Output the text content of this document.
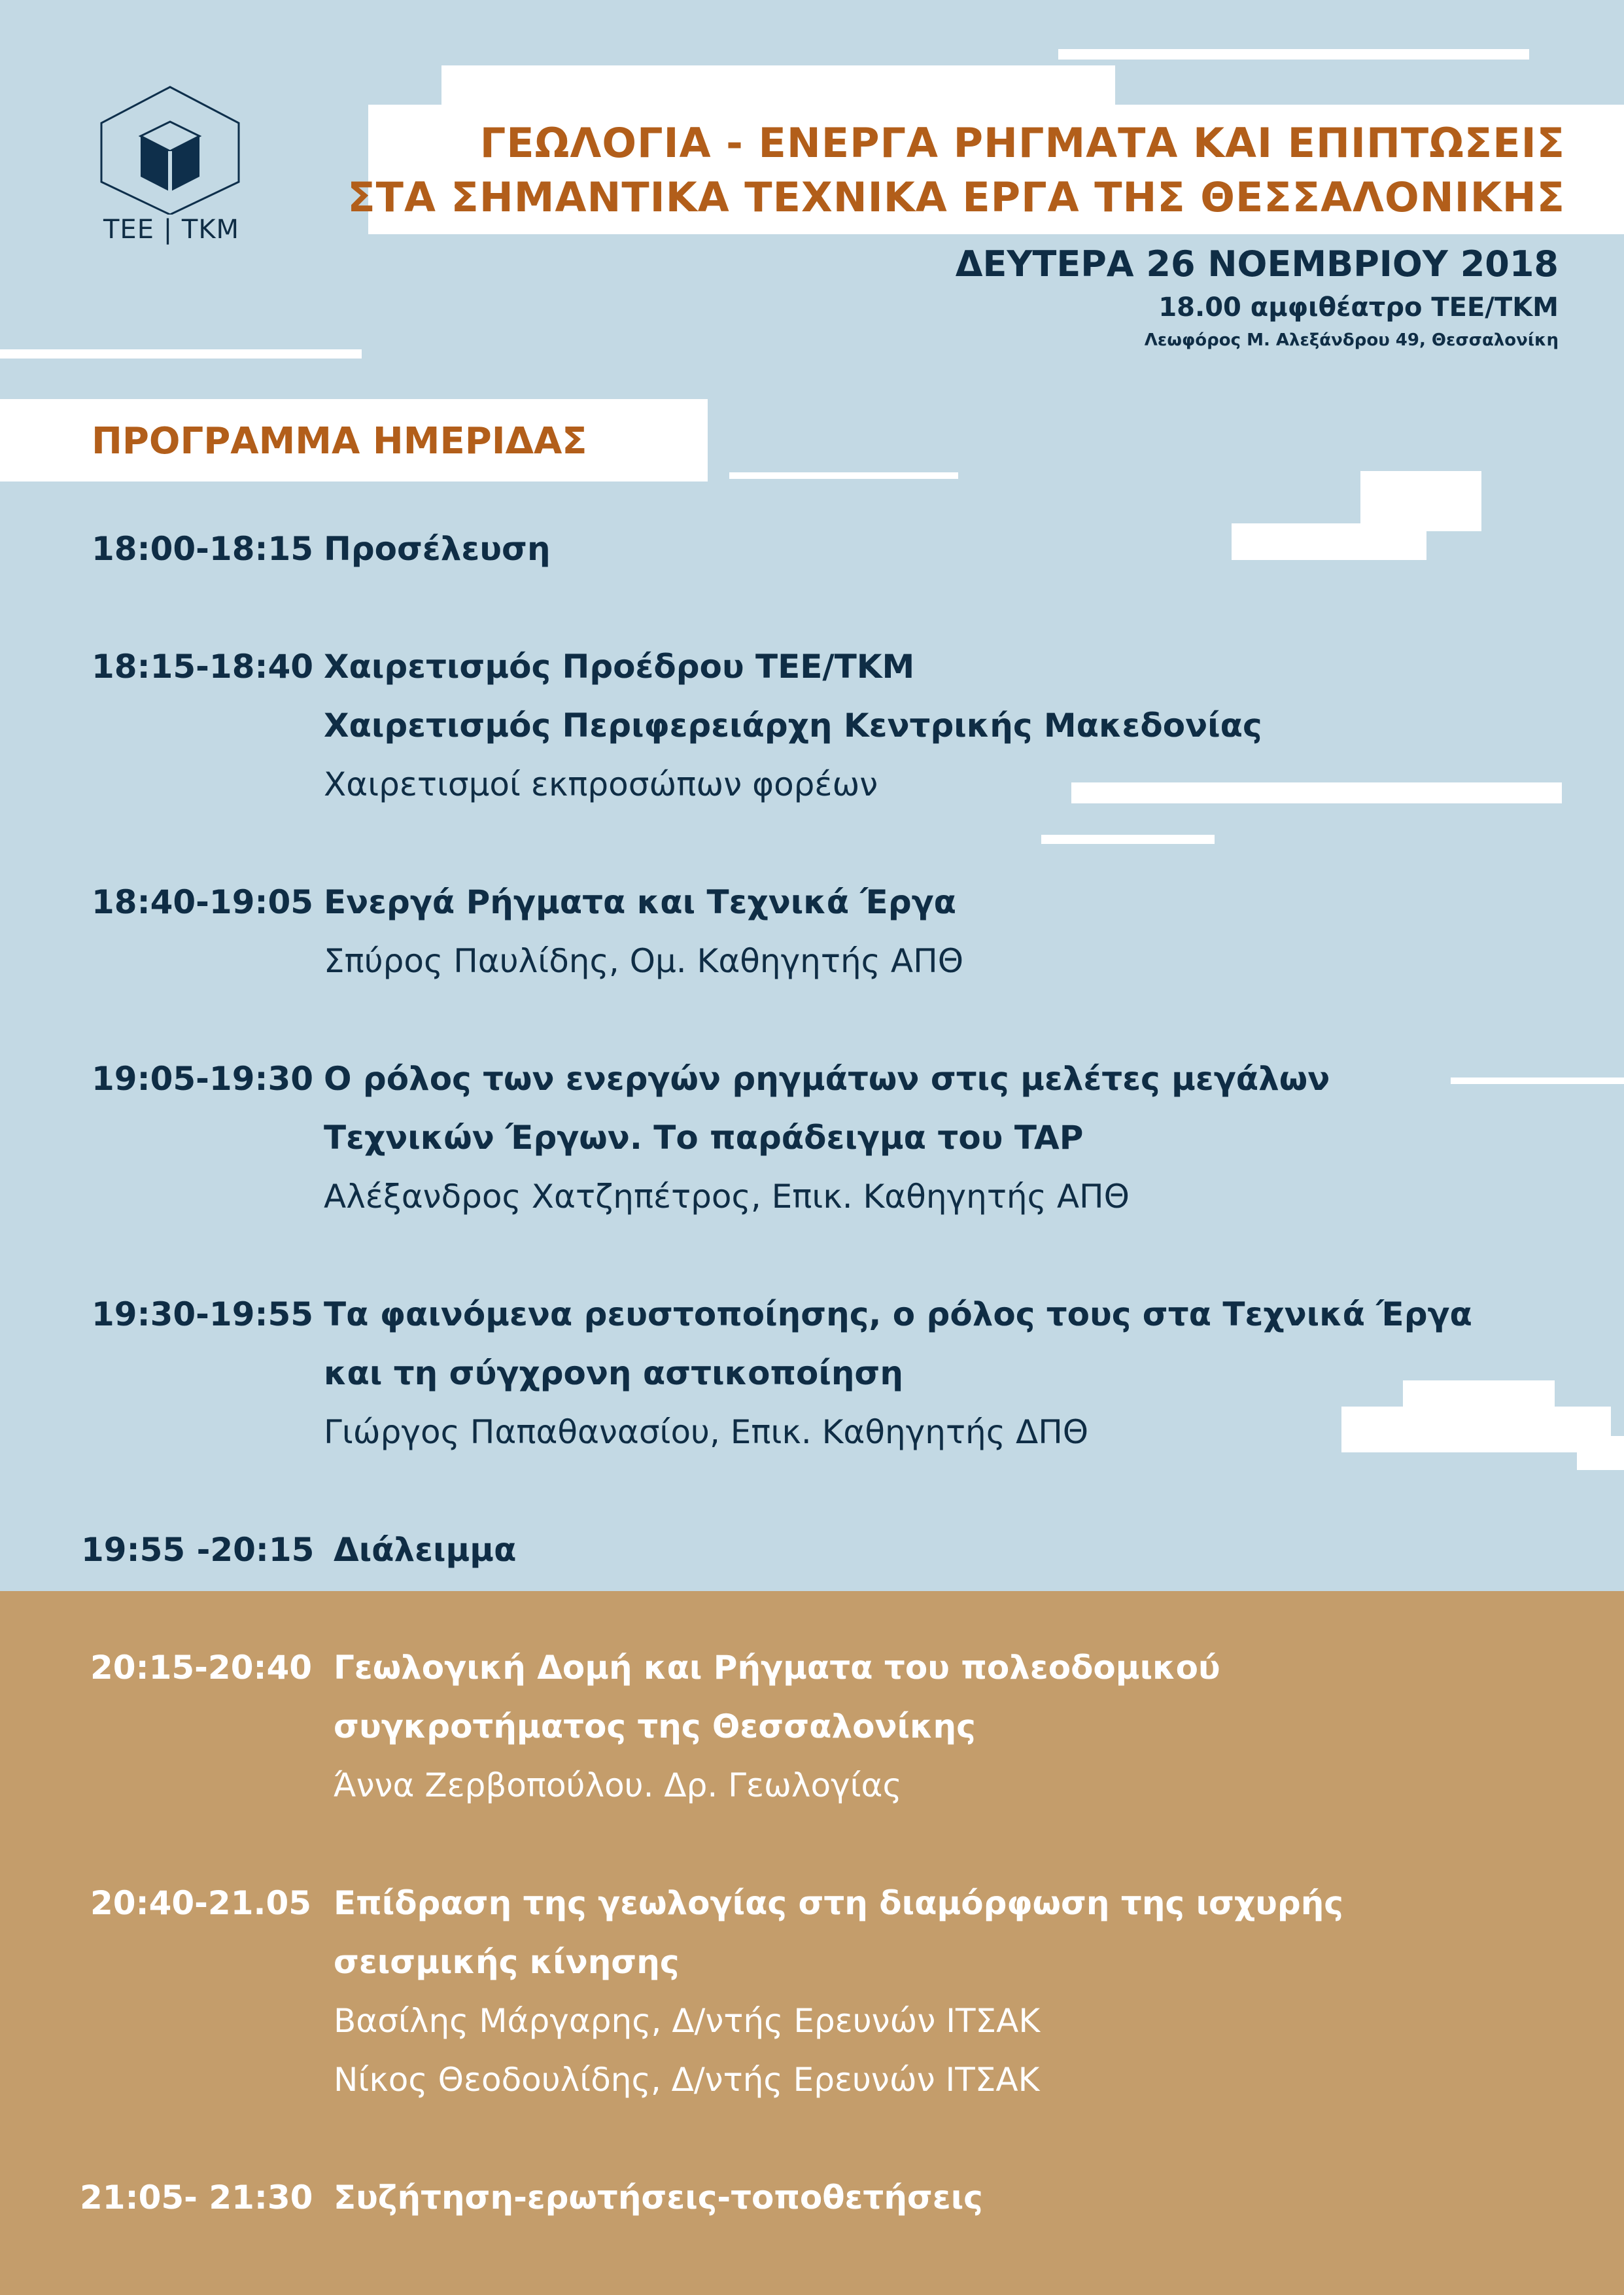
ΤΕΕ | ΤΚΜ
ΓΕΩΛΟΓΙΑ - ΕΝΕΡΓΑ ΡΗΓΜΑΤΑ ΚΑΙ ΕΠΙΠΤΩΣΕΙΣ
ΣΤΑ ΣΗΜΑΝΤΙΚΑ ΤΕΧΝΙΚΑ ΕΡΓΑ ΤΗΣ ΘΕΣΣΑΛΟΝΙΚΗΣ
ΔΕΥΤΕΡΑ 26 ΝΟΕΜΒΡΙΟΥ 2018
18.00 αμφιθέατρο ΤΕΕ/ΤΚΜ
Λεωφόρος Μ. Αλεξάνδρου 49, Θεσσαλονίκη
ΠΡΟΓΡΑΜΜΑ ΗΜΕΡΙΔΑΣ
18:00-18:15 Προσέλευση
18:15-18:40 Χαιρετισμός Προέδρου ΤΕΕ/ΤΚΜ
Χαιρετισμός Περιφερειάρχη Κεντρικής Μακεδονίας
Χαιρετισμοί εκπροσώπων φορέων
18:40-19:05 Ενεργά Ρήγματα και Τεχνικά Έργα
Σπύρος Παυλίδης, Ομ. Καθηγητής ΑΠΘ
19:05-19:30 Ο ρόλος των ενεργών ρηγμάτων στις μελέτες μεγάλων
Τεχνικών Έργων. Το παράδειγμα του TAP
Αλέξανδρος Χατζηπέτρος, Επικ. Καθηγητής ΑΠΘ
19:30-19:55 Τα φαινόμενα ρευστοποίησης, ο ρόλος τους στα Τεχνικά Έργα
και τη σύγχρονη αστικοποίηση
Γιώργος Παπαθανασίου, Επικ. Καθηγητής ΔΠΘ
19:55 -20:15 Διάλειμμα
20:15-20:40 Γεωλογική Δομή και Ρήγματα του πολεοδομικού
συγκροτήματος της Θεσσαλονίκης
Άννα Ζερβοπούλου. Δρ. Γεωλογίας
20:40-21.05 Επίδραση της γεωλογίας στη διαμόρφωση της ισχυρής
σεισμικής κίνησης
Βασίλης Μάργαρης, Δ/ντής Ερευνών ΙΤΣΑΚ
Νίκος Θεοδουλίδης, Δ/ντής Ερευνών ΙΤΣΑΚ
21:05- 21:30 Συζήτηση-ερωτήσεις-τοποθετήσεις
